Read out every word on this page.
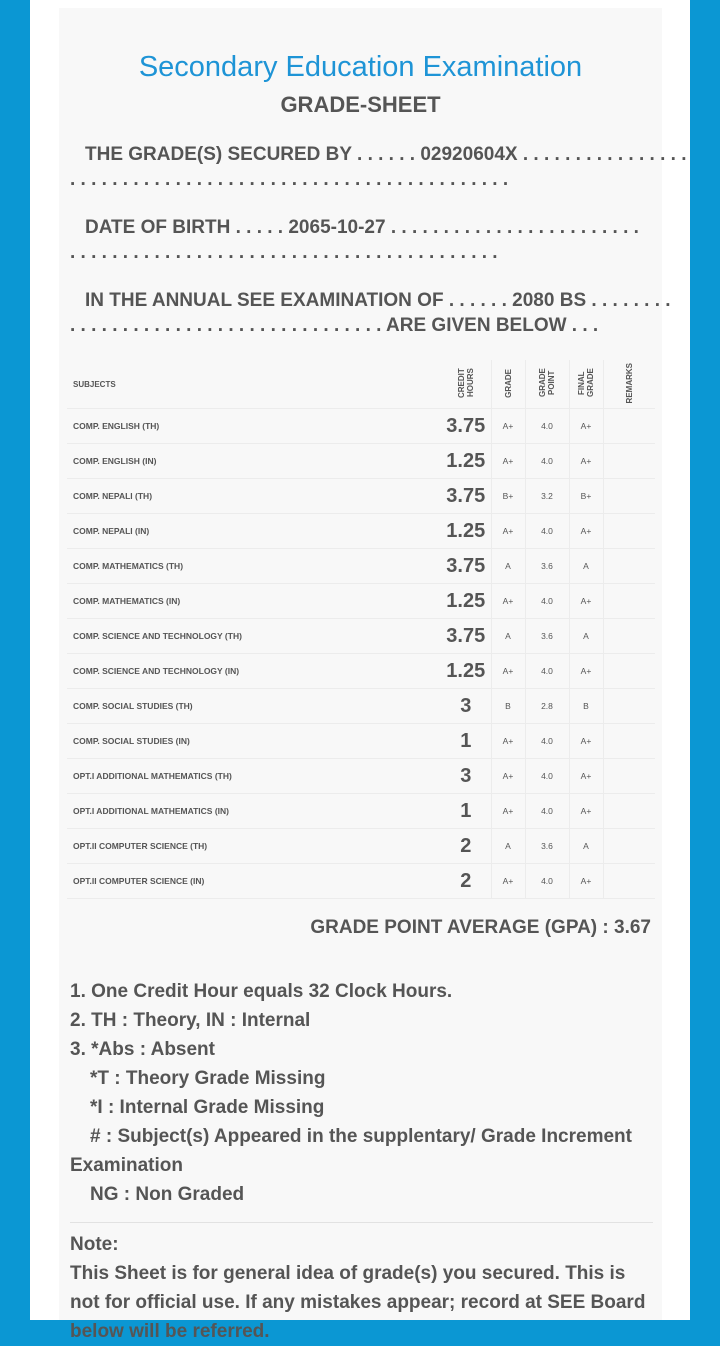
Secondary Education Examination
GRADE-SHEET
THE GRADE(S) SECURED BY . . . . . . 02920604X . . . . . . . . . . . . . . . .
. . . . . . . . . . . . . . . . . . . . . . . . . . . . . . . . . . . . . . . . . .
DATE OF BIRTH . . . . . 2065-10-27 . . . . . . . . . . . . . . . . . . . . . . . .
. . . . . . . . . . . . . . . . . . . . . . . . . . . . . . . . . . . . . . . . .
IN THE ANNUAL SEE EXAMINATION OF . . . . . . 2080 BS . . . . . . . .
. . . . . . . . . . . . . . . . . . . . . . . . . . . . . . ARE GIVEN BELOW . . .
SUBJECTS	CREDIT HOURS	GRADE	GRADE POINT	FINAL GRADE	REMARKS
COMP. ENGLISH (TH)	3.75	A+	4.0	A+	
COMP. ENGLISH (IN)	1.25	A+	4.0	A+	
COMP. NEPALI (TH)	3.75	B+	3.2	B+	
COMP. NEPALI (IN)	1.25	A+	4.0	A+	
COMP. MATHEMATICS (TH)	3.75	A	3.6	A	
COMP. MATHEMATICS (IN)	1.25	A+	4.0	A+	
COMP. SCIENCE AND TECHNOLOGY (TH)	3.75	A	3.6	A	
COMP. SCIENCE AND TECHNOLOGY (IN)	1.25	A+	4.0	A+	
COMP. SOCIAL STUDIES (TH)	3	B	2.8	B	
COMP. SOCIAL STUDIES (IN)	1	A+	4.0	A+	
OPT.I ADDITIONAL MATHEMATICS (TH)	3	A+	4.0	A+	
OPT.I ADDITIONAL MATHEMATICS (IN)	1	A+	4.0	A+	
OPT.II COMPUTER SCIENCE (TH)	2	A	3.6	A	
OPT.II COMPUTER SCIENCE (IN)	2	A+	4.0	A+	
GRADE POINT AVERAGE (GPA) : 3.67
1. One Credit Hour equals 32 Clock Hours.
2. TH : Theory, IN : Internal
3. *Abs : Absent
*T : Theory Grade Missing
*I : Internal Grade Missing
# : Subject(s) Appeared in the supplentary/ Grade Increment
Examination
NG : Non Graded
Note:
This Sheet is for general idea of grade(s) you secured. This is not for official use. If any mistakes appear; record at SEE Board below will be referred.
